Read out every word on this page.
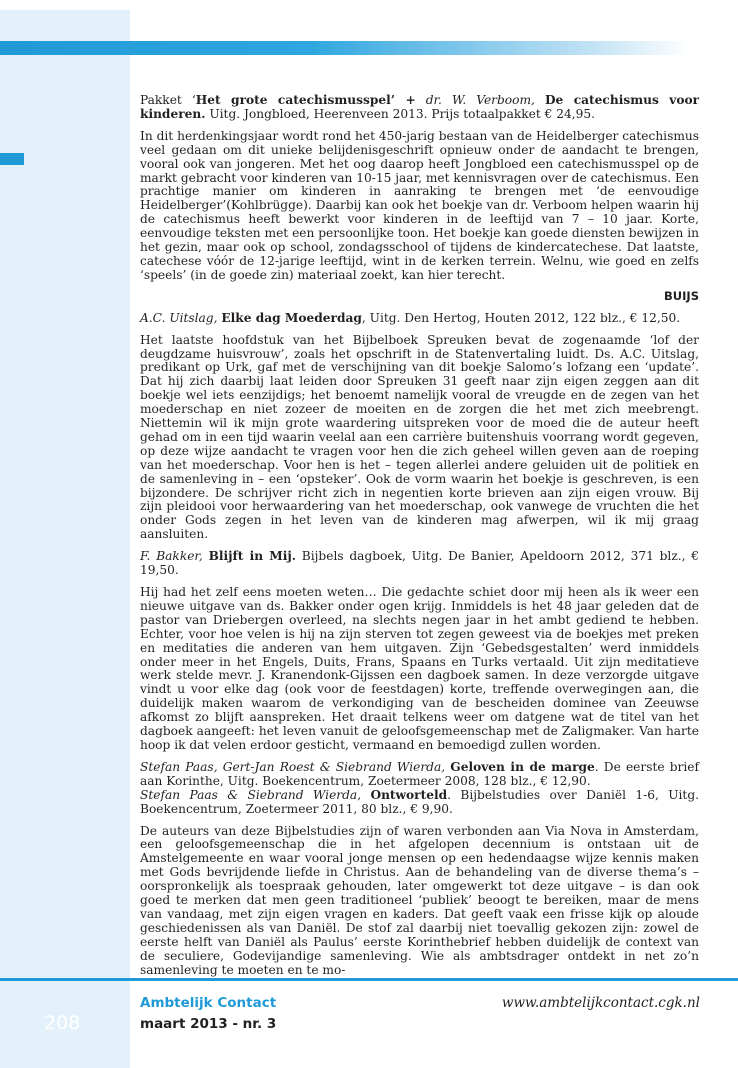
Pakket ‘Het grote catechismusspel’ + dr. W. Verboom, De catechismus voor kinderen. Uitg. Jongbloed, Heerenveen 2013. Prijs totaalpakket € 24,95.

In dit herdenkingsjaar wordt rond het 450-jarig bestaan van de Heidelberger catechismus veel gedaan om dit unieke belijdenisgeschrift opnieuw onder de aandacht te brengen, vooral ook van jongeren. Met het oog daarop heeft Jongbloed een catechismusspel op de markt gebracht voor kinderen van 10-15 jaar, met kennisvragen over de catechismus. Een prachtige manier om kinderen in aanraking te brengen met ‘de eenvoudige Heidelberger’(Kohlbrügge). Daarbij kan ook het boekje van dr. Verboom helpen waarin hij de catechismus heeft bewerkt voor kinderen in de leeftijd van 7 – 10 jaar. Korte, eenvoudige teksten met een persoonlijke toon. Het boekje kan goede diensten bewijzen in het gezin, maar ook op school, zondagsschool of tijdens de kindercatechese. Dat laatste, catechese vóór de 12-jarige leeftijd, wint in de kerken terrein. Welnu, wie goed en zelfs ‘speels’ (in de goede zin) materiaal zoekt, kan hier terecht.

BUIJS

A.C. Uitslag, Elke dag Moederdag, Uitg. Den Hertog, Houten 2012, 122 blz., € 12,50.

Het laatste hoofdstuk van het Bijbelboek Spreuken bevat de zogenaamde ‘lof der deugdzame huisvrouw’, zoals het opschrift in de Statenvertaling luidt. Ds. A.C. Uitslag, predikant op Urk, gaf met de verschijning van dit boekje Salomo’s lofzang een ‘update’. Dat hij zich daarbij laat leiden door Spreuken 31 geeft naar zijn eigen zeggen aan dit boekje wel iets eenzijdigs; het benoemt namelijk vooral de vreugde en de zegen van het moederschap en niet zozeer de moeiten en de zorgen die het met zich meebrengt. Niettemin wil ik mijn grote waardering uitspreken voor de moed die de auteur heeft gehad om in een tijd waarin veelal aan een carrière buitenshuis voorrang wordt gegeven, op deze wijze aandacht te vragen voor hen die zich geheel willen geven aan de roeping van het moederschap. Voor hen is het – tegen allerlei andere geluiden uit de politiek en de samenleving in – een ‘opsteker’. Ook de vorm waarin het boekje is geschreven, is een bijzondere. De schrijver richt zich in negentien korte brieven aan zijn eigen vrouw. Bij zijn pleidooi voor herwaardering van het moederschap, ook vanwege de vruchten die het onder Gods zegen in het leven van de kinderen mag afwerpen, wil ik mij graag aansluiten.

F. Bakker, Blijft in Mij. Bijbels dagboek, Uitg. De Banier, Apeldoorn 2012, 371 blz., € 19,50.

Hij had het zelf eens moeten weten… Die gedachte schiet door mij heen als ik weer een nieuwe uitgave van ds. Bakker onder ogen krijg. Inmiddels is het 48 jaar geleden dat de pastor van Driebergen overleed, na slechts negen jaar in het ambt gediend te hebben. Echter, voor hoe velen is hij na zijn sterven tot zegen geweest via de boekjes met preken en meditaties die anderen van hem uitgaven. Zijn ‘Gebedsgestalten’ werd inmiddels onder meer in het Engels, Duits, Frans, Spaans en Turks vertaald. Uit zijn meditatieve werk stelde mevr. J. Kranendonk-Gijssen een dagboek samen. In deze verzorgde uitgave vindt u voor elke dag (ook voor de feestdagen) korte, treffende overwegingen aan, die duidelijk maken waarom de verkondiging van de bescheiden dominee van Zeeuwse afkomst zo blijft aanspreken. Het draait telkens weer om datgene wat de titel van het dagboek aangeeft: het leven vanuit de geloofsgemeenschap met de Zaligmaker. Van harte hoop ik dat velen erdoor gesticht, vermaand en bemoedigd zullen worden.

Stefan Paas, Gert-Jan Roest & Siebrand Wierda, Geloven in de marge. De eerste brief aan Korinthe, Uitg. Boekencentrum, Zoetermeer 2008, 128 blz., € 12,90.

Stefan Paas & Siebrand Wierda, Ontworteld. Bijbelstudies over Daniël 1-6, Uitg. Boekencentrum, Zoetermeer 2011, 80 blz., € 9,90.

De auteurs van deze Bijbelstudies zijn of waren verbonden aan Via Nova in Amsterdam, een geloofsgemeenschap die in het afgelopen decennium is ontstaan uit de Amstelgemeente en waar vooral jonge mensen op een hedendaagse wijze kennis maken met Gods bevrijdende liefde in Christus. Aan de behandeling van de diverse thema’s – oorspronkelijk als toespraak gehouden, later omgewerkt tot deze uitgave – is dan ook goed te merken dat men geen traditioneel ‘publiek’ beoogt te bereiken, maar de mens van vandaag, met zijn eigen vragen en kaders. Dat geeft vaak een frisse kijk op aloude geschiedenissen als van Daniël. De stof zal daarbij niet toevallig gekozen zijn: zowel de eerste helft van Daniël als Paulus’ eerste Korinthebrief hebben duidelijk de context van de seculiere, Godevijandige samenleving. Wie als ambtsdrager ontdekt in net zo’n samenleving te moeten en te mo-

208
Ambtelijk Contact
maart 2013 - nr. 3
www.ambtelijkcontact.cgk.nl
